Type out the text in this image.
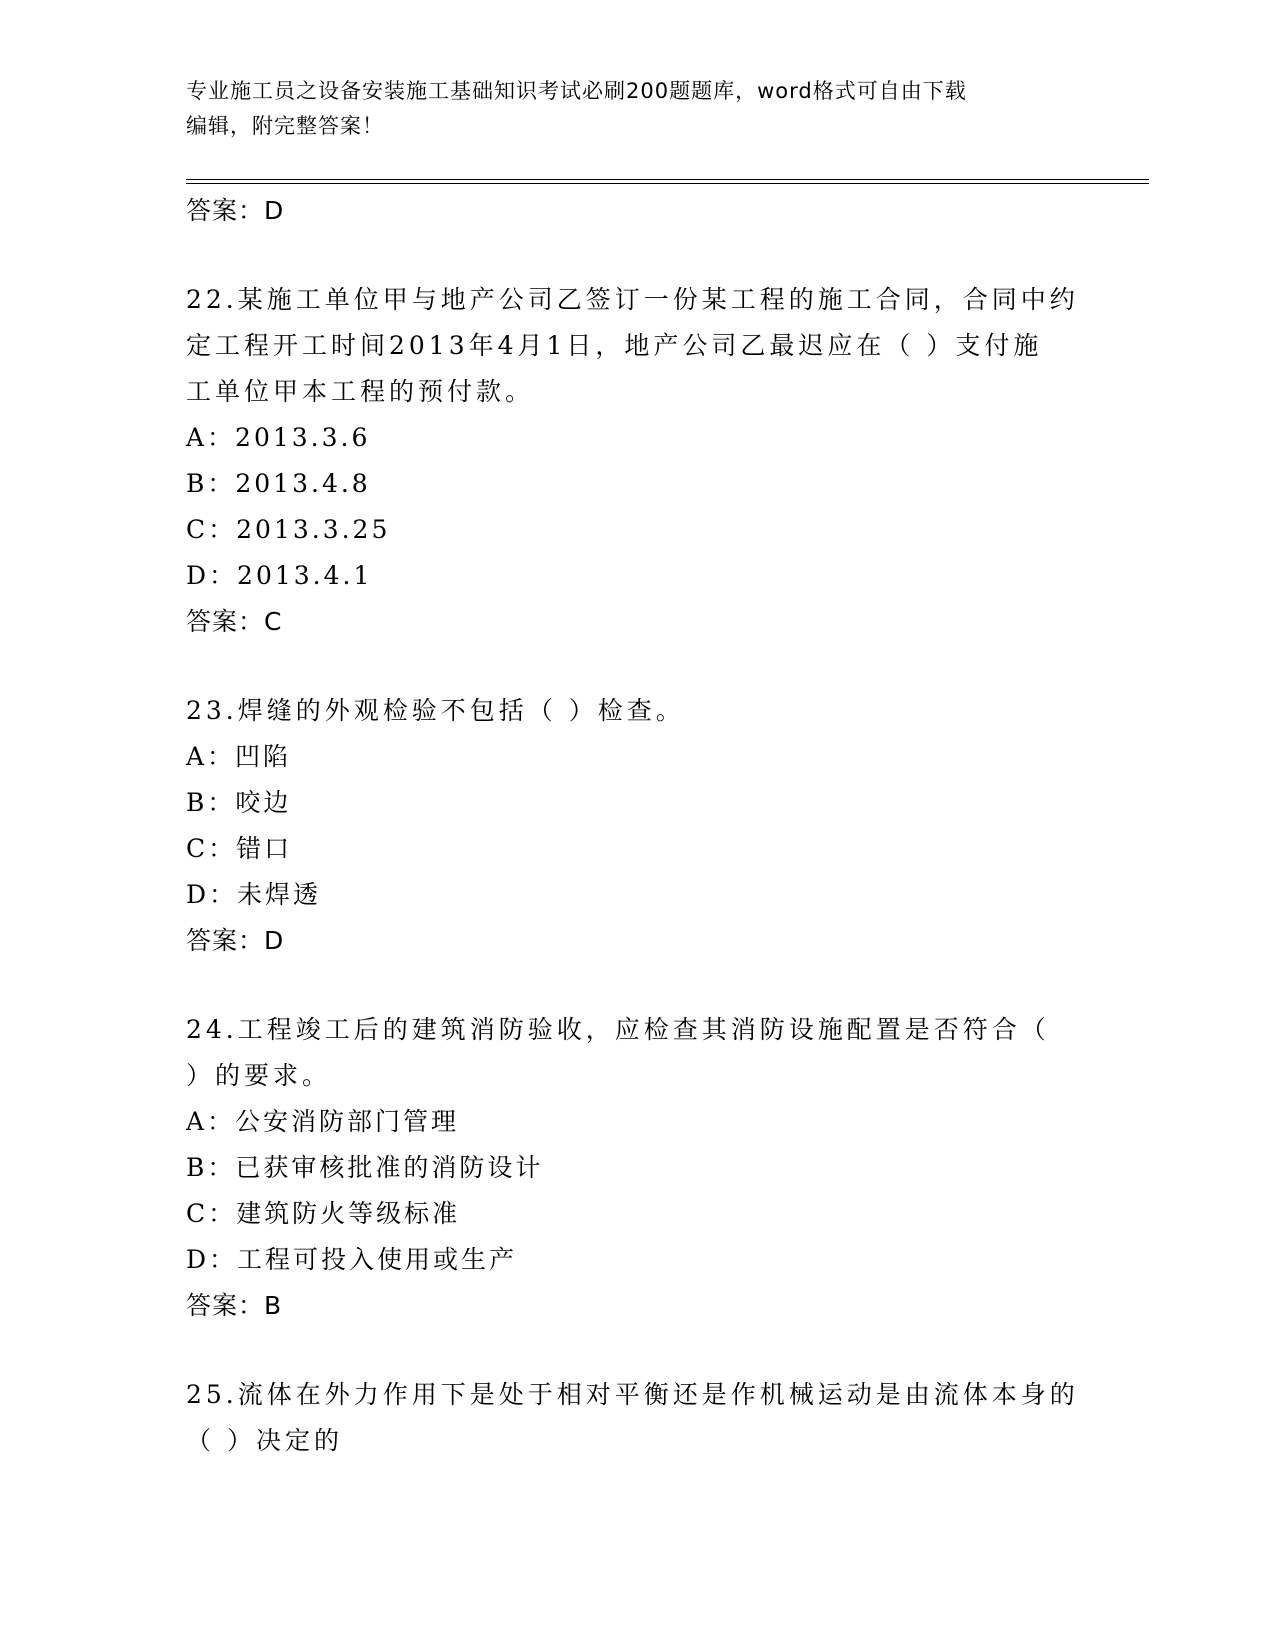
专业施工员之设备安装施工基础知识考试必刷200题题库，word格式可自由下载
编辑，附完整答案！
答案：D
22.某施工单位甲与地产公司乙签订一份某工程的施工合同，合同中约
定工程开工时间2013年4月1日，地产公司乙最迟应在（ ）支付施
工单位甲本工程的预付款。
A：2013.3.6
B：2013.4.8
C：2013.3.25
D：2013.4.1
答案：C
23.焊缝的外观检验不包括（ ）检查。
A：凹陷
B：咬边
C：错口
D：未焊透
答案：D
24.工程竣工后的建筑消防验收，应检查其消防设施配置是否符合（
）的要求。
A：公安消防部门管理
B：已获审核批准的消防设计
C：建筑防火等级标准
D：工程可投入使用或生产
答案：B
25.流体在外力作用下是处于相对平衡还是作机械运动是由流体本身的
（ ）决定的
